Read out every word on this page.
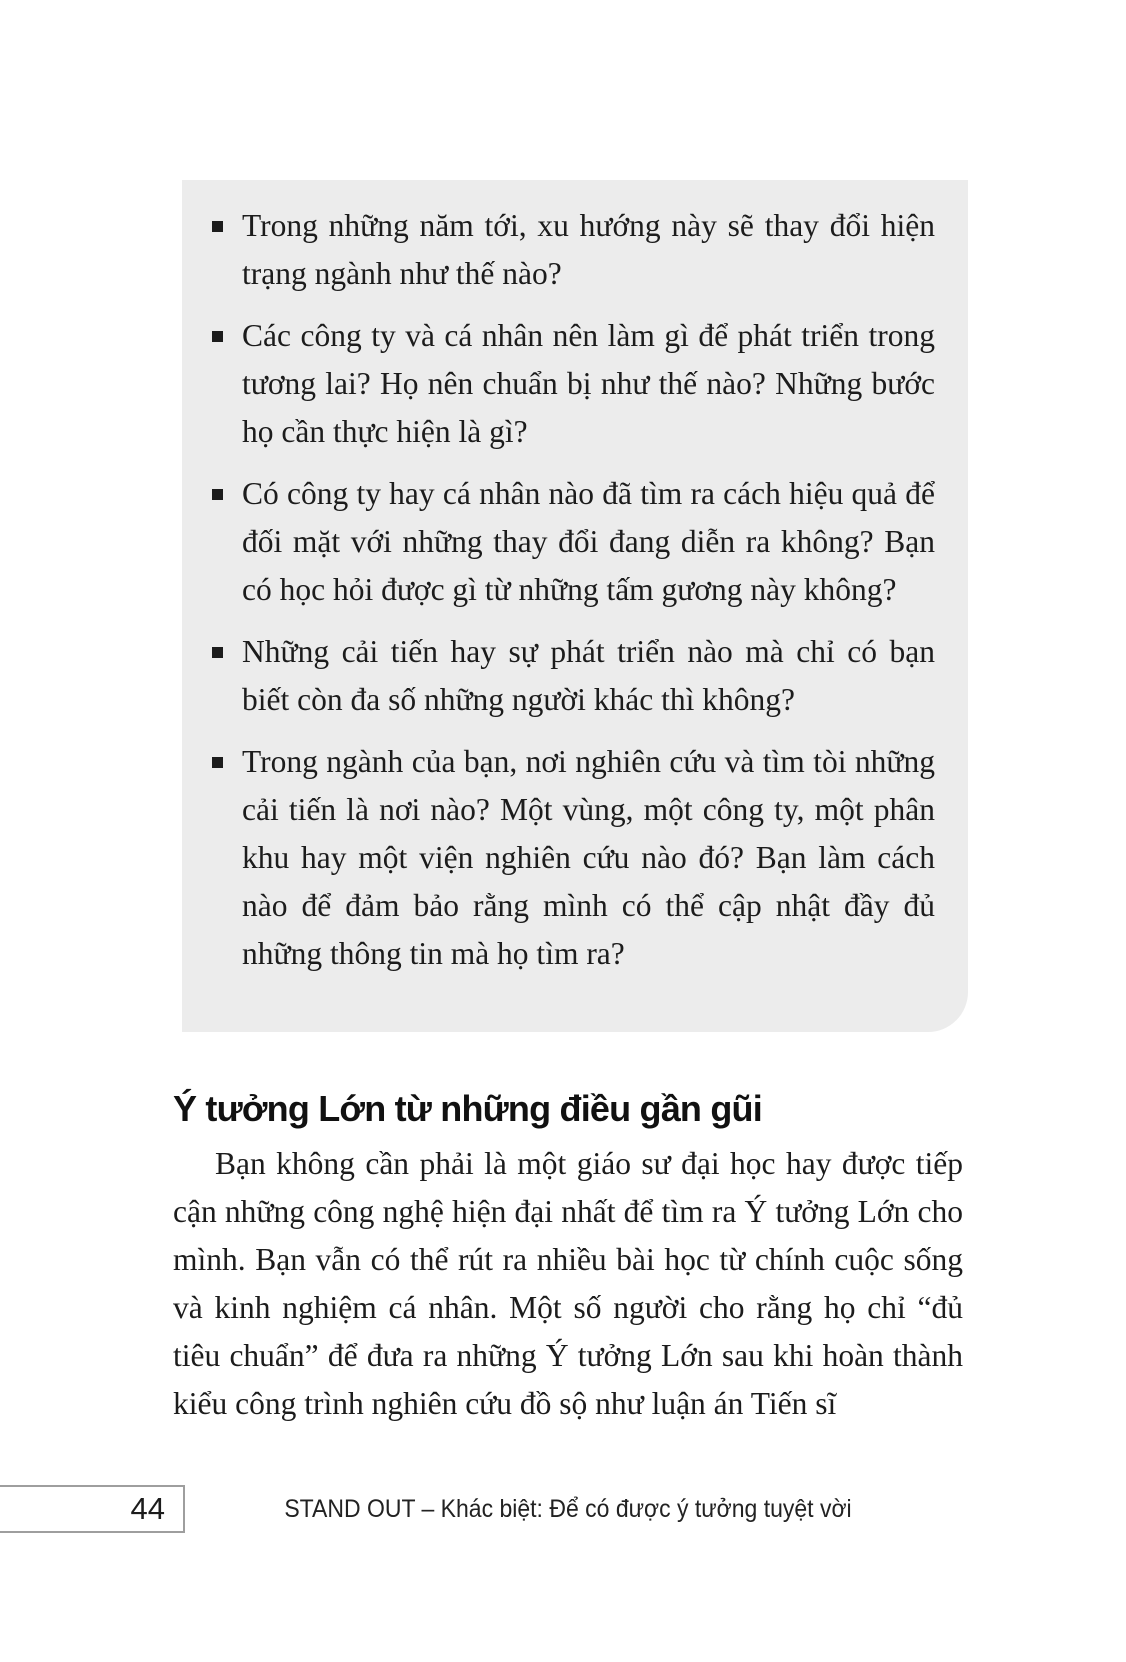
Trong những năm tới, xu hướng này sẽ thay đổi hiện trạng ngành như thế nào?
Các công ty và cá nhân nên làm gì để phát triển trong tương lai? Họ nên chuẩn bị như thế nào? Những bước họ cần thực hiện là gì?
Có công ty hay cá nhân nào đã tìm ra cách hiệu quả để đối mặt với những thay đổi đang diễn ra không? Bạn có học hỏi được gì từ những tấm gương này không?
Những cải tiến hay sự phát triển nào mà chỉ có bạn biết còn đa số những người khác thì không?
Trong ngành của bạn, nơi nghiên cứu và tìm tòi những cải tiến là nơi nào? Một vùng, một công ty, một phân khu hay một viện nghiên cứu nào đó? Bạn làm cách nào để đảm bảo rằng mình có thể cập nhật đầy đủ những thông tin mà họ tìm ra?
Ý tưởng Lớn từ những điều gần gũi

Bạn không cần phải là một giáo sư đại học hay được tiếp cận những công nghệ hiện đại nhất để tìm ra Ý tưởng Lớn cho mình. Bạn vẫn có thể rút ra nhiều bài học từ chính cuộc sống và kinh nghiệm cá nhân. Một số người cho rằng họ chỉ “đủ tiêu chuẩn” để đưa ra những Ý tưởng Lớn sau khi hoàn thành kiểu công trình nghiên cứu đồ sộ như luận án Tiến sĩ

44	STAND OUT – Khác biệt: Để có được ý tưởng tuyệt vời
